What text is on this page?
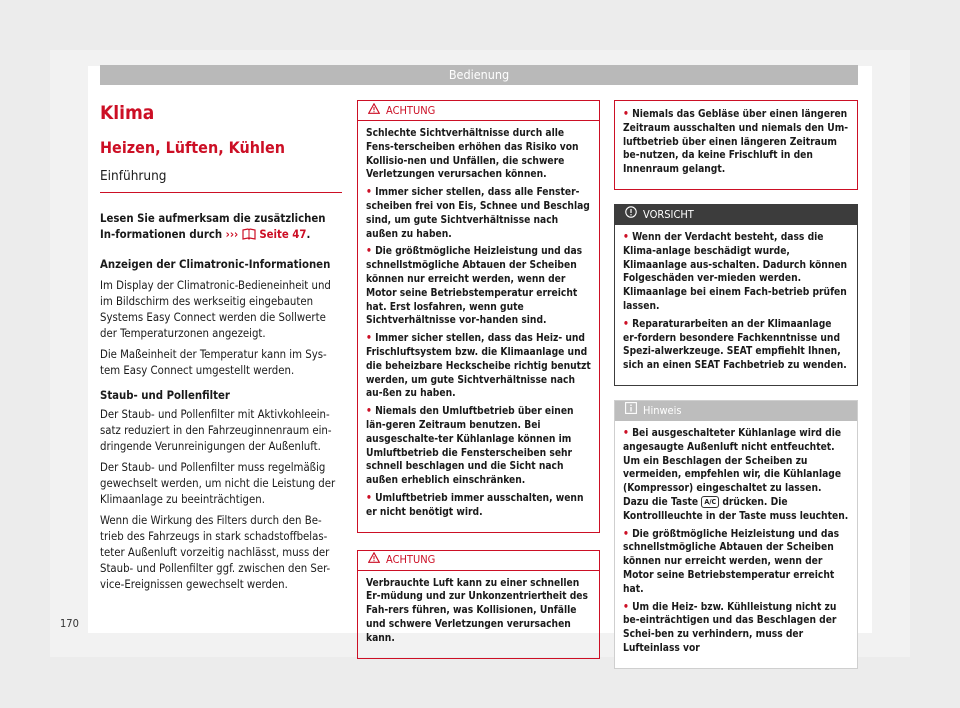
Bedienung
Klima
Heizen, Lüften, Kühlen
Einführung
Lesen Sie aufmerksam die zusätzlichen In-formationen durch ››› Seite 47.
Anzeigen der Climatronic-Informationen
Im Display der Climatronic-Bedieneinheit und im Bildschirm des werkseitig eingebauten Systems Easy Connect werden die Sollwerte der Temperaturzonen angezeigt.
Die Maßeinheit der Temperatur kann im Sys-tem Easy Connect umgestellt werden.
Staub- und Pollenfilter
Der Staub- und Pollenfilter mit Aktivkohleein-satz reduziert in den Fahrzeuginnenraum ein-dringende Verunreinigungen der Außenluft.
Der Staub- und Pollenfilter muss regelmäßig gewechselt werden, um nicht die Leistung der Klimaanlage zu beeinträchtigen.
Wenn die Wirkung des Filters durch den Be-trieb des Fahrzeugs in stark schadstoffbelas-teter Außenluft vorzeitig nachlässt, muss der Staub- und Pollenfilter ggf. zwischen den Ser-vice-Ereignissen gewechselt werden.
ACHTUNG

Schlechte Sichtverhältnisse durch alle Fens-terscheiben erhöhen das Risiko von Kollisio-nen und Unfällen, die schwere Verletzungen verursachen können.

• Immer sicher stellen, dass alle Fenster-scheiben frei von Eis, Schnee und Beschlag sind, um gute Sichtverhältnisse nach außen zu haben.

• Die größtmögliche Heizleistung und das schnellstmögliche Abtauen der Scheiben können nur erreicht werden, wenn der Motor seine Betriebstemperatur erreicht hat. Erst losfahren, wenn gute Sichtverhältnisse vor-handen sind.

• Immer sicher stellen, dass das Heiz- und Frischluftsystem bzw. die Klimaanlage und die beheizbare Heckscheibe richtig benutzt werden, um gute Sichtverhältnisse nach au-ßen zu haben.

• Niemals den Umluftbetrieb über einen län-geren Zeitraum benutzen. Bei ausgeschalte-ter Kühlanlage können im Umluftbetrieb die Fensterscheiben sehr schnell beschlagen und die Sicht nach außen erheblich einschränken.

• Umluftbetrieb immer ausschalten, wenn er nicht benötigt wird.

ACHTUNG

Verbrauchte Luft kann zu einer schnellen Er-müdung und zur Unkonzentriertheit des Fah-rers führen, was Kollisionen, Unfälle und schwere Verletzungen verursachen kann.

• Niemals das Gebläse über einen längeren Zeitraum ausschalten und niemals den Um-luftbetrieb über einen längeren Zeitraum be-nutzen, da keine Frischluft in den Innenraum gelangt.

VORSICHT

• Wenn der Verdacht besteht, dass die Klima-anlage beschädigt wurde, Klimaanlage aus-schalten. Dadurch können Folgeschäden ver-mieden werden. Klimaanlage bei einem Fach-betrieb prüfen lassen.

• Reparaturarbeiten an der Klimaanlage er-fordern besondere Fachkenntnisse und Spezi-alwerkzeuge. SEAT empfiehlt Ihnen, sich an einen SEAT Fachbetrieb zu wenden.

Hinweis

• Bei ausgeschalteter Kühlanlage wird die angesaugte Außenluft nicht entfeuchtet. Um ein Beschlagen der Scheiben zu vermeiden, empfehlen wir, die Kühlanlage (Kompressor) eingeschaltet zu lassen. Dazu die Taste A/C drücken. Die Kontrollleuchte in der Taste muss leuchten.

• Die größtmögliche Heizleistung und das schnellstmögliche Abtauen der Scheiben können nur erreicht werden, wenn der Motor seine Betriebstemperatur erreicht hat.

• Um die Heiz- bzw. Kühlleistung nicht zu be-einträchtigen und das Beschlagen der Schei-ben zu verhindern, muss der Lufteinlass vor

170
